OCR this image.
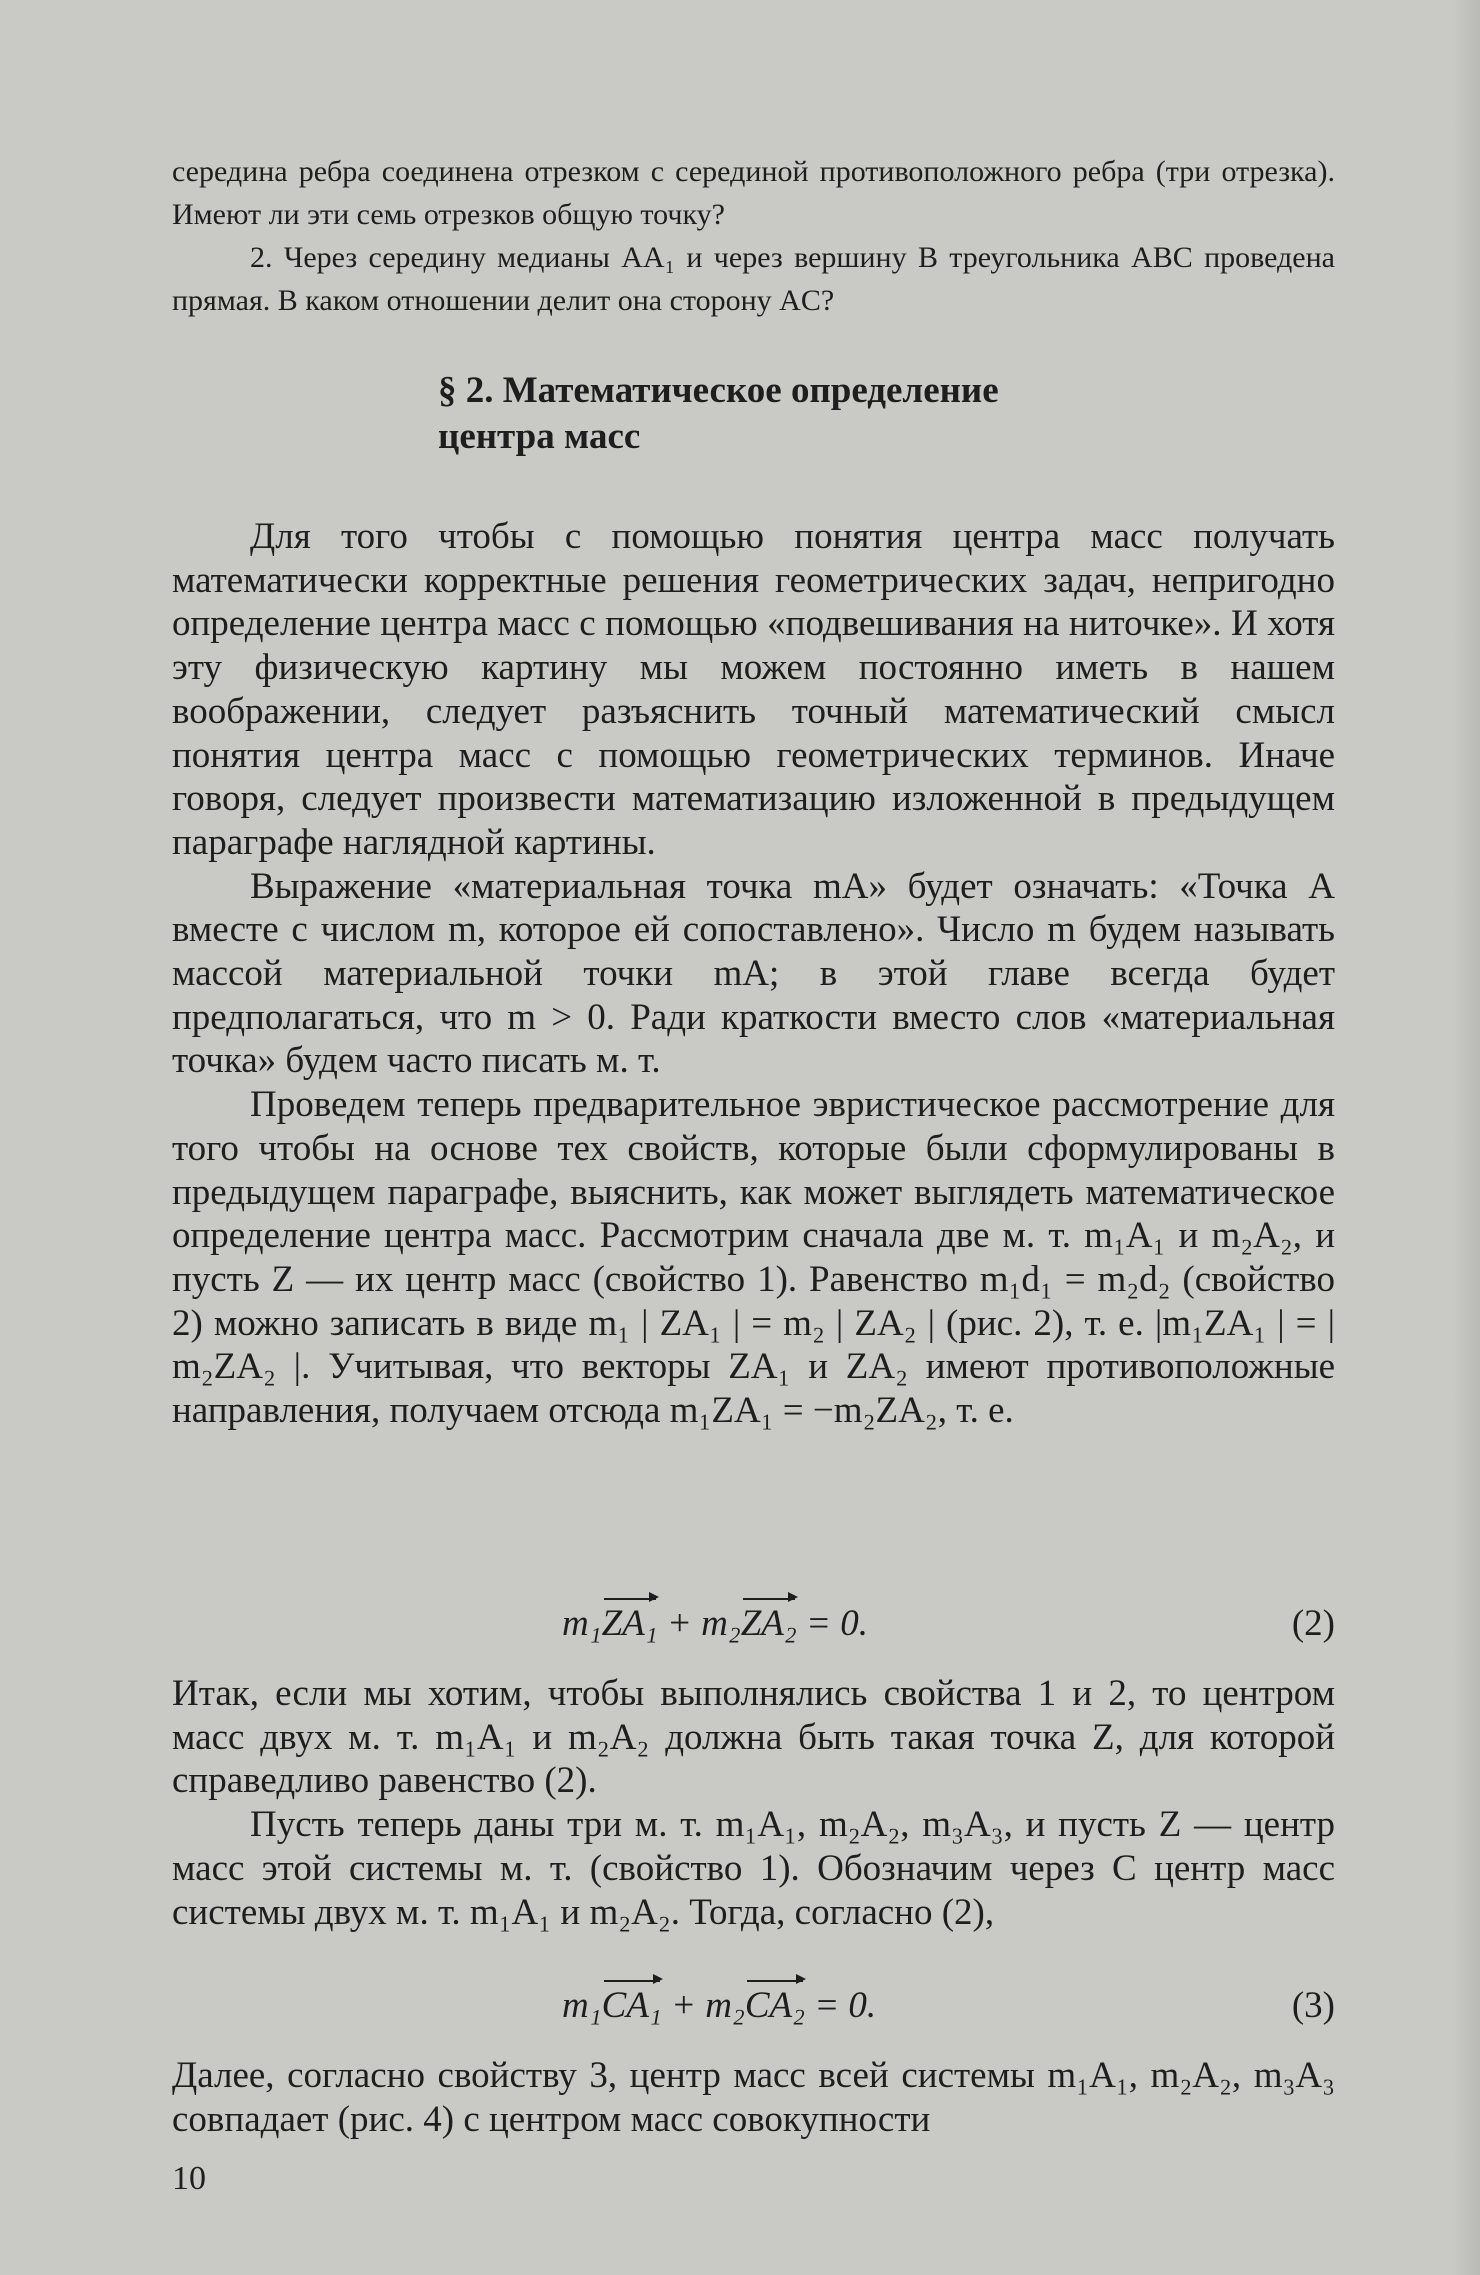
середина ребра соединена отрезком с серединой противоположного ребра (три отрезка). Имеют ли эти семь отрезков общую точку?

2. Через середину медианы AA₁ и через вершину B треугольника ABC проведена прямая. В каком отношении делит она сторону AC?

§ 2. Математическое определение
центра масс

Для того чтобы с помощью понятия центра масс получать математически корректные решения геометрических задач, непригодно определение центра масс с помощью «подвешивания на ниточке». И хотя эту физическую картину мы можем постоянно иметь в нашем воображении, следует разъяснить точный математический смысл понятия центра масс с помощью геометрических терминов. Иначе говоря, следует произвести математизацию изложенной в предыдущем параграфе наглядной картины.

Выражение «материальная точка mA» будет означать: «Точка A вместе с числом m, которое ей сопоставлено». Число m будем называть массой материальной точки mA; в этой главе всегда будет предполагаться, что m > 0. Ради краткости вместо слов «материальная точка» будем часто писать м. т.

Проведем теперь предварительное эвристическое рассмотрение для того чтобы на основе тех свойств, которые были сформулированы в предыдущем параграфе, выяснить, как может выглядеть математическое определение центра масс. Рассмотрим сначала две м. т. m₁A₁ и m₂A₂, и пусть Z — их центр масс (свойство 1). Равенство m₁d₁ = m₂d₂ (свойство 2) можно записать в виде m₁ | ZA₁ | = m₂ | ZA₂ | (рис. 2), т. е. |m₁ZA₁ | = | m₂ZA₂ |. Учитывая, что векторы ZA₁ и ZA₂ имеют противоположные направления, получаем отсюда m₁ZA₁ = −m₂ZA₂, т. е.

m₁ZA₁ + m₂ZA₂ = 0.	(2)

Итак, если мы хотим, чтобы выполнялись свойства 1 и 2, то центром масс двух м. т. m₁A₁ и m₂A₂ должна быть такая точка Z, для которой справедливо равенство (2).

Пусть теперь даны три м. т. m₁A₁, m₂A₂, m₃A₃, и пусть Z — центр масс этой системы м. т. (свойство 1). Обозначим через C центр масс системы двух м. т. m₁A₁ и m₂A₂. Тогда, согласно (2),

m₁CA₁ + m₂CA₂ = 0.	(3)

Далее, согласно свойству 3, центр масс всей системы m₁A₁, m₂A₂, m₃A₃ совпадает (рис. 4) с центром масс совокупности

10
